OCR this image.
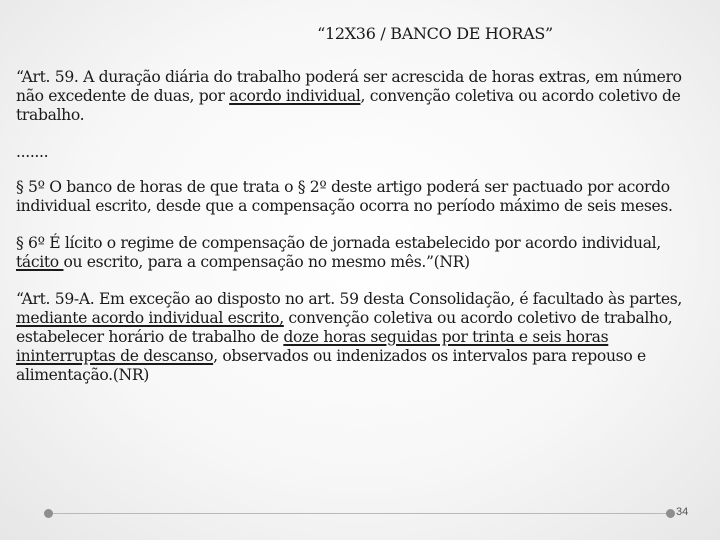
“12X36 / BANCO DE HORAS”

“Art. 59. A duração diária do trabalho poderá ser acrescida de horas extras, em número não excedente de duas, por acordo individual, convenção coletiva ou acordo coletivo de trabalho.

.......

§ 5º O banco de horas de que trata o § 2º deste artigo poderá ser pactuado por acordo individual escrito, desde que a compensação ocorra no período máximo de seis meses.

§ 6º É lícito o regime de compensação de jornada estabelecido por acordo individual, tácito ou escrito, para a compensação no mesmo mês.”(NR)

“Art. 59-A. Em exceção ao disposto no art. 59 desta Consolidação, é facultado às partes, mediante acordo individual escrito, convenção coletiva ou acordo coletivo de trabalho, estabelecer horário de trabalho de doze horas seguidas por trinta e seis horas ininterruptas de descanso, observados ou indenizados os intervalos para repouso e alimentação.(NR)

34
